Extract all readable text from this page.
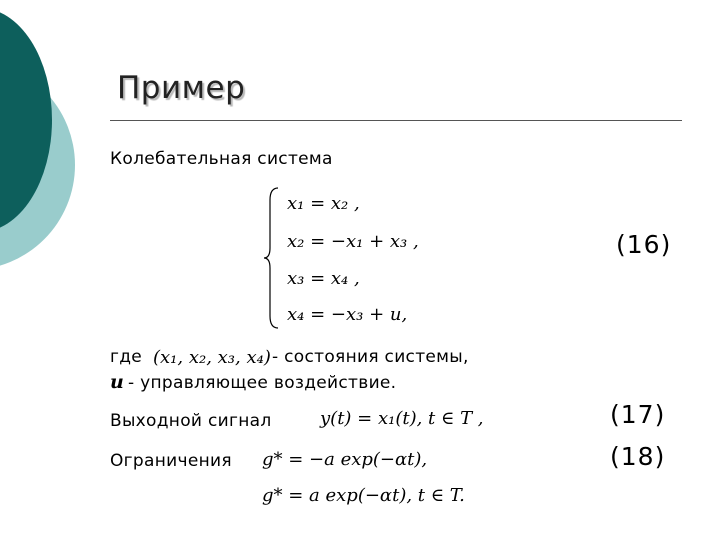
Пример
Колебательная система
x₁ = x₂ ,
x₂ = −x₁ + x₃ ,
x₃ = x₄ ,
x₄ = −x₃ + u,
(16)
где (x₁, x₂, x₃, x₄) - состояния системы,
u - управляющее воздействие.
Выходной сигнал	y(t) = x₁(t), t ∈ T ,	(17)
Ограничения g* = −a exp(−αt),	(18)
g* = a exp(−αt), t ∈ T.
